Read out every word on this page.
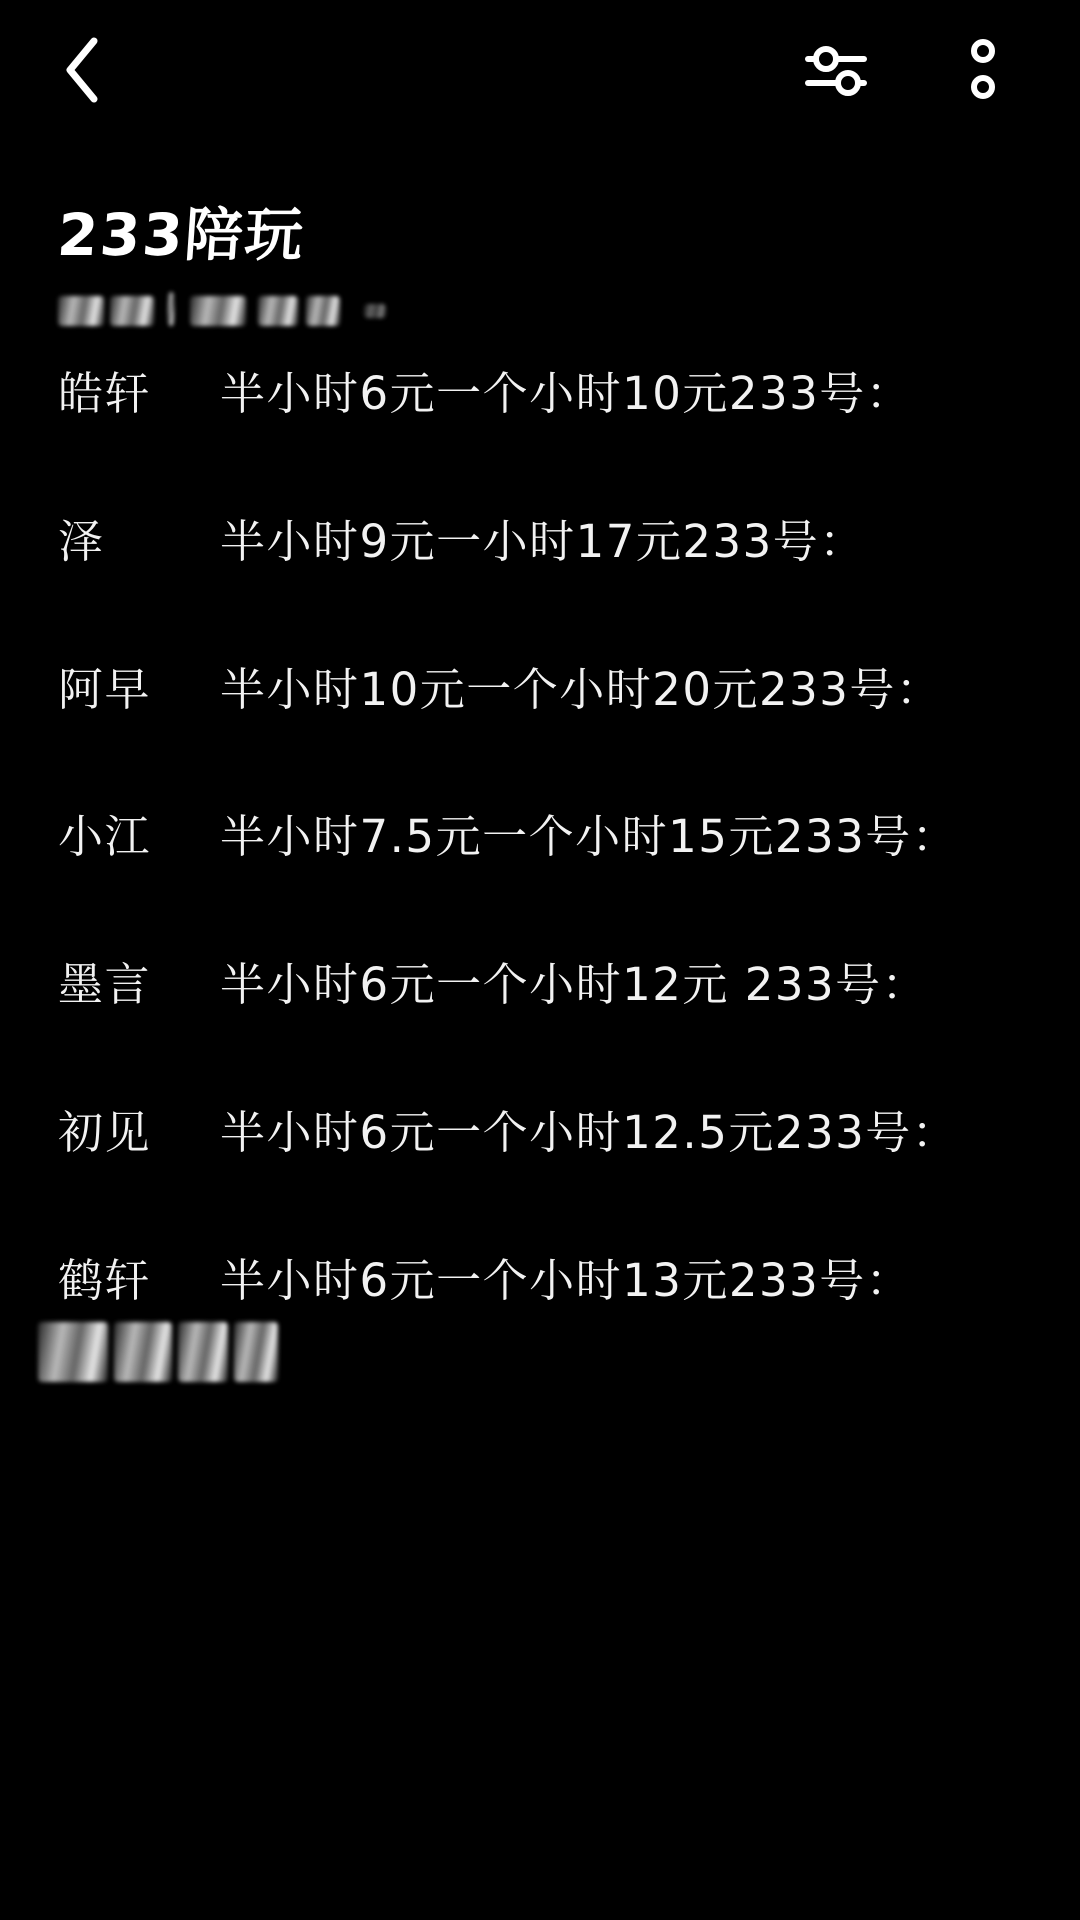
233陪玩
皓轩 半小时6元一个小时10元233号：
泽	半小时9元一小时17元233号：
阿早 半小时10元一个小时20元233号：
小江 半小时7.5元一个小时15元233号：
墨言 半小时6元一个小时12元 233号：
初见 半小时6元一个小时12.5元233号：
鹤轩 半小时6元一个小时13元233号：
